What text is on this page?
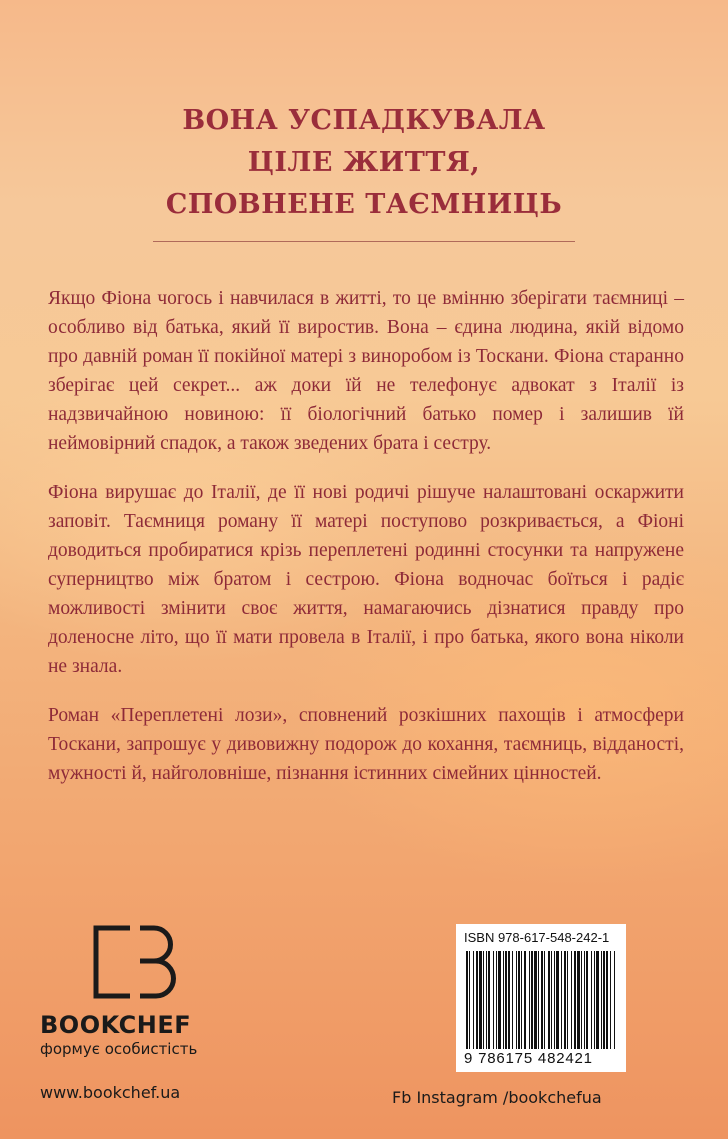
ВОНА УСПАДКУВАЛА
ЦІЛЕ ЖИТТЯ,
СПОВНЕНЕ ТАЄМНИЦЬ

Якщо Фіона чогось і навчилася в житті, то це вмінню зберігати таємниці – особливо від батька, який її виростив. Вона – єдина людина, якій відомо про давній роман її покійної матері з виноробом із Тоскани. Фіона старанно зберігає цей секрет... аж доки їй не телефонує адвокат з Італії із надзвичайною новиною: її біологічний батько помер і залишив їй неймовірний спадок, а також зведених брата і сестру.

Фіона вирушає до Італії, де її нові родичі рішуче налаштовані оскаржити заповіт. Таємниця роману її матері поступово розкривається, а Фіоні доводиться пробиратися крізь переплетені родинні стосунки та напружене суперництво між братом і сестрою. Фіона водночас боїться і радіє можливості змінити своє життя, намагаючись дізнатися правду про доленосне літо, що її мати провела в Італії, і про батька, якого вона ніколи не знала.

Роман «Переплетені лози», сповнений розкішних пахощів і атмосфери Тоскани, запрошує у дивовижну подорож до кохання, таємниць, відданості, мужності й, найголовніше, пізнання істинних сімейних цінностей.

BOOKCHEF
формує особистість
www.bookchef.ua	Fb Instagram /bookchefua
ISBN 978-617-548-242-1
9 786175 482421
